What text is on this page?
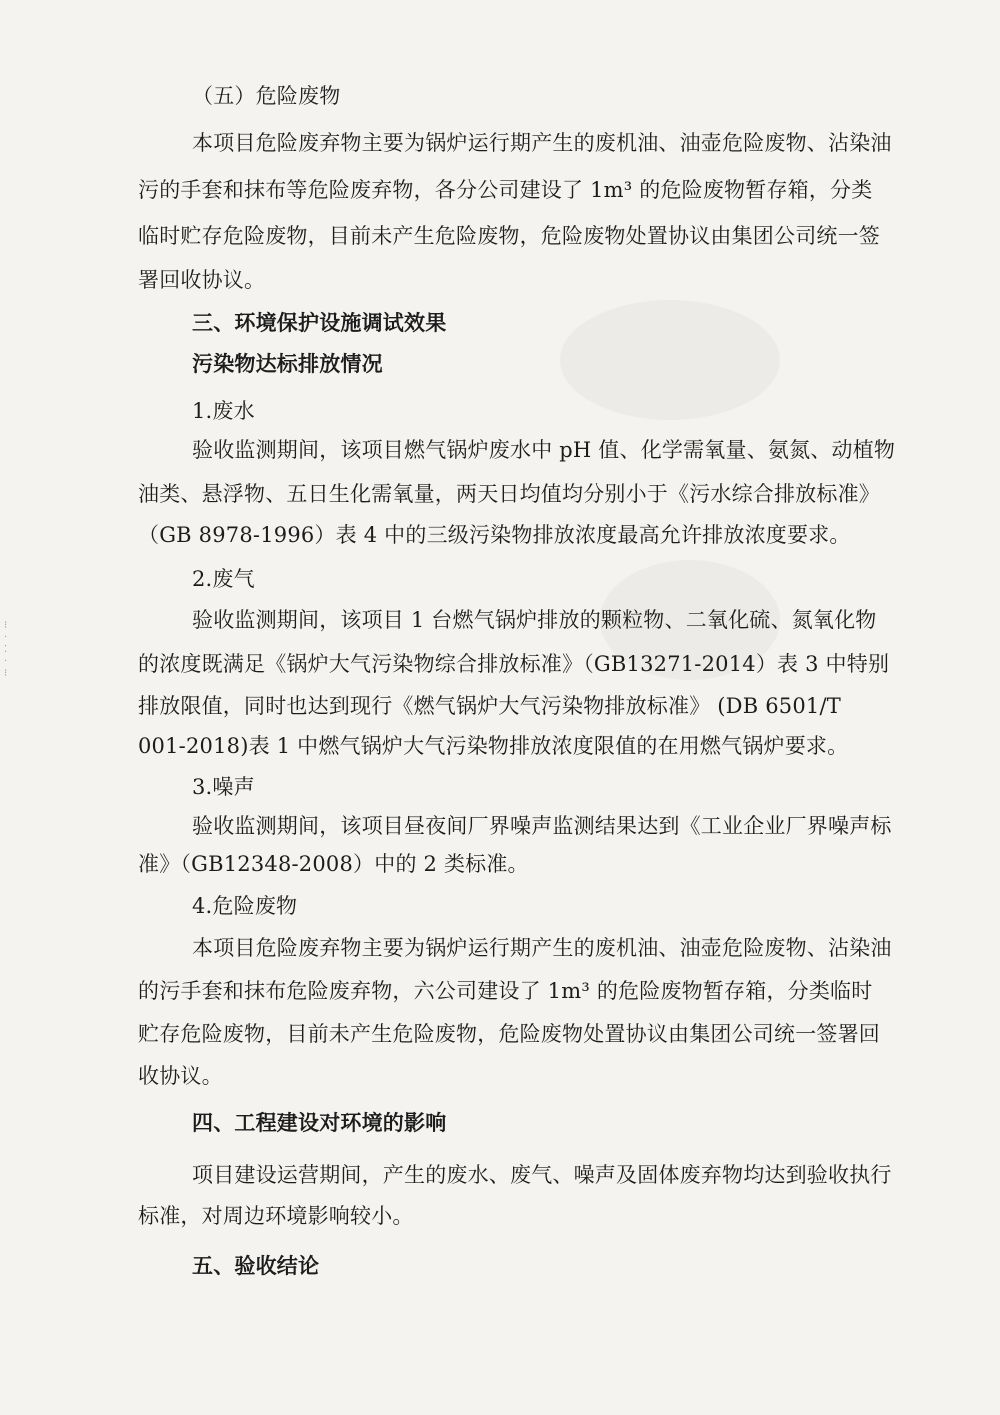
⁝
·
⁚
·
⁝

（五）危险废物

本项目危险废弃物主要为锅炉运行期产生的废机油、油壶危险废物、沾染油

污的手套和抹布等危险废弃物，各分公司建设了 1m³ 的危险废物暂存箱，分类

临时贮存危险废物，目前未产生危险废物，危险废物处置协议由集团公司统一签

署回收协议。

三、环境保护设施调试效果

污染物达标排放情况

1.废水

验收监测期间，该项目燃气锅炉废水中 pH 值、化学需氧量、氨氮、动植物

油类、悬浮物、五日生化需氧量，两天日均值均分别小于《污水综合排放标准》

（GB 8978-1996）表 4 中的三级污染物排放浓度最高允许排放浓度要求。

2.废气

验收监测期间，该项目 1 台燃气锅炉排放的颗粒物、二氧化硫、氮氧化物

的浓度既满足《锅炉大气污染物综合排放标准》（GB13271-2014）表 3 中特别

排放限值，同时也达到现行《燃气锅炉大气污染物排放标准》 (DB 6501/T

001-2018)表 1 中燃气锅炉大气污染物排放浓度限值的在用燃气锅炉要求。

3.噪声

验收监测期间，该项目昼夜间厂界噪声监测结果达到《工业企业厂界噪声标

准》（GB12348-2008）中的 2 类标准。

4.危险废物

本项目危险废弃物主要为锅炉运行期产生的废机油、油壶危险废物、沾染油

的污手套和抹布危险废弃物，六公司建设了 1m³ 的危险废物暂存箱，分类临时

贮存危险废物，目前未产生危险废物，危险废物处置协议由集团公司统一签署回

收协议。

四、工程建设对环境的影响

项目建设运营期间，产生的废水、废气、噪声及固体废弃物均达到验收执行

标准，对周边环境影响较小。

五、验收结论
